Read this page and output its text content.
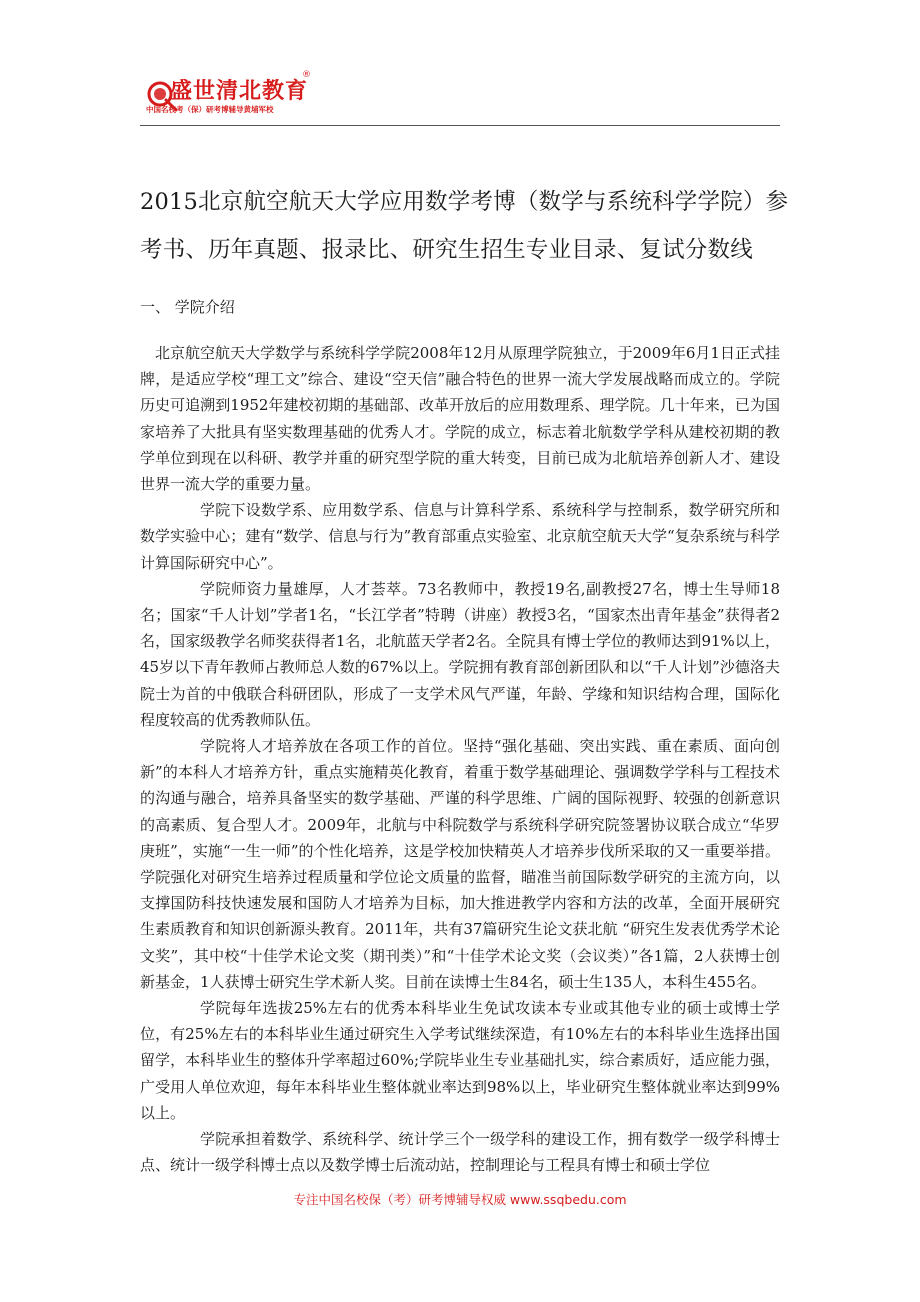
盛世清北教育
®
中国名校考（保）研考博辅导黄埔军校
2015北京航空航天大学应用数学考博（数学与系统科学学院）参考书、历年真题、报录比、研究生招生专业目录、复试分数线
一、 学院介绍

北京航空航天大学数学与系统科学学院2008年12月从原理学院独立，于2009年6月1日正式挂牌，是适应学校“理工文”综合、建设“空天信”融合特色的世界一流大学发展战略而成立的。学院历史可追溯到1952年建校初期的基础部、改革开放后的应用数理系、理学院。几十年来，已为国家培养了大批具有坚实数理基础的优秀人才。学院的成立，标志着北航数学学科从建校初期的教学单位到现在以科研、教学并重的研究型学院的重大转变，目前已成为北航培养创新人才、建设世界一流大学的重要力量。

学院下设数学系、应用数学系、信息与计算科学系、系统科学与控制系，数学研究所和数学实验中心；建有“数学、信息与行为”教育部重点实验室、北京航空航天大学“复杂系统与科学计算国际研究中心”。

学院师资力量雄厚，人才荟萃。73名教师中，教授19名,副教授27名，博士生导师18名；国家“千人计划”学者1名，“长江学者”特聘（讲座）教授3名，“国家杰出青年基金”获得者2名，国家级教学名师奖获得者1名，北航蓝天学者2名。全院具有博士学位的教师达到91%以上，45岁以下青年教师占教师总人数的67%以上。学院拥有教育部创新团队和以“千人计划”沙德洛夫院士为首的中俄联合科研团队，形成了一支学术风气严谨，年龄、学缘和知识结构合理，国际化程度较高的优秀教师队伍。

学院将人才培养放在各项工作的首位。坚持“强化基础、突出实践、重在素质、面向创新”的本科人才培养方针，重点实施精英化教育，着重于数学基础理论、强调数学学科与工程技术的沟通与融合，培养具备坚实的数学基础、严谨的科学思维、广阔的国际视野、较强的创新意识的高素质、复合型人才。2009年，北航与中科院数学与系统科学研究院签署协议联合成立“华罗庚班”，实施“一生一师”的个性化培养，这是学校加快精英人才培养步伐所采取的又一重要举措。学院强化对研究生培养过程质量和学位论文质量的监督，瞄准当前国际数学研究的主流方向，以支撑国防科技快速发展和国防人才培养为目标，加大推进教学内容和方法的改革，全面开展研究生素质教育和知识创新源头教育。2011年，共有37篇研究生论文获北航 “研究生发表优秀学术论文奖”，其中校“十佳学术论文奖（期刊类）”和“十佳学术论文奖（会议类）”各1篇，2人获博士创新基金，1人获博士研究生学术新人奖。目前在读博士生84名，硕士生135人，本科生455名。

学院每年选拔25%左右的优秀本科毕业生免试攻读本专业或其他专业的硕士或博士学位，有25%左右的本科毕业生通过研究生入学考试继续深造，有10%左右的本科毕业生选择出国留学，本科毕业生的整体升学率超过60%;学院毕业生专业基础扎实，综合素质好，适应能力强，广受用人单位欢迎，每年本科毕业生整体就业率达到98%以上，毕业研究生整体就业率达到99%以上。

学院承担着数学、系统科学、统计学三个一级学科的建设工作，拥有数学一级学科博士点、统计一级学科博士点以及数学博士后流动站，控制理论与工程具有博士和硕士学位

专注中国名校保（考）研考博辅导权威 www.ssqbedu.com
